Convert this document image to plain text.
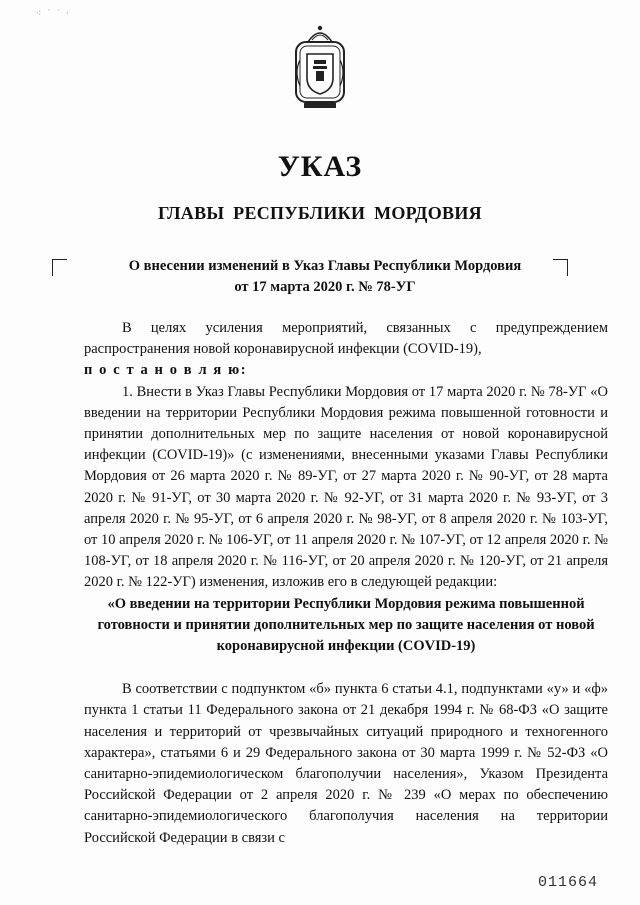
⁖ ˙ ˙ ·
УКАЗ
ГЛАВЫ РЕСПУБЛИКИ МОРДОВИЯ
О внесении изменений в Указ Главы Республики Мордовия
от 17 марта 2020 г. № 78-УГ

В целях усиления мероприятий, связанных с предупреждением распространения новой коронавирусной инфекции (COVID-19),

п о с т а н о в л я ю:

1. Внести в Указ Главы Республики Мордовия от 17 марта 2020 г. № 78-УГ «О введении на территории Республики Мордовия режима повышенной готовности и принятии дополнительных мер по защите населения от новой коронавирусной инфекции (COVID-19)» (с изменениями, внесенными указами Главы Республики Мордовия от 26 марта 2020 г. № 89-УГ, от 27 марта 2020 г. № 90-УГ, от 28 марта 2020 г. № 91-УГ, от 30 марта 2020 г. № 92-УГ, от 31 марта 2020 г. № 93-УГ, от 3 апреля 2020 г. № 95-УГ, от 6 апреля 2020 г. № 98-УГ, от 8 апреля 2020 г. № 103-УГ, от 10 апреля 2020 г. № 106-УГ, от 11 апреля 2020 г. № 107-УГ, от 12 апреля 2020 г. № 108-УГ, от 18 апреля 2020 г. № 116-УГ, от 20 апреля 2020 г. № 120-УГ, от 21 апреля 2020 г. № 122-УГ) изменения, изложив его в следующей редакции:

«О введении на территории Республики Мордовия режима повышенной готовности и принятии дополнительных мер по защите населения от новой коронавирусной инфекции (COVID-19)

В соответствии с подпунктом «б» пункта 6 статьи 4.1, подпунктами «у» и «ф» пункта 1 статьи 11 Федерального закона от 21 декабря 1994 г. № 68-ФЗ «О защите населения и территорий от чрезвычайных ситуаций природного и техногенного характера», статьями 6 и 29 Федерального закона от 30 марта 1999 г. № 52-ФЗ «О санитарно-эпидемиологическом благополучии населения», Указом Президента Российской Федерации от 2 апреля 2020 г. № 239 «О мерах по обеспечению санитарно-эпидемиологического благополучия населения на территории Российской Федерации в связи с

011664
